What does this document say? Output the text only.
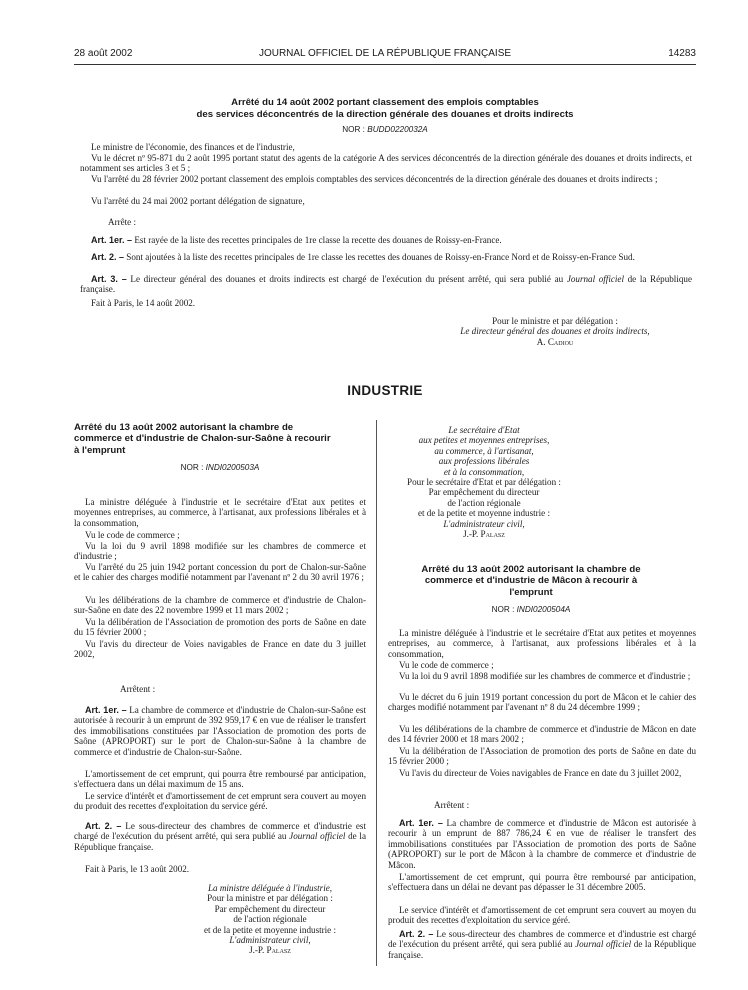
28 août 2002	JOURNAL OFFICIEL DE LA RÉPUBLIQUE FRANÇAISE	14283
Arrêté du 14 août 2002 portant classement des emplois comptables
des services déconcentrés de la direction générale des douanes et droits indirects
NOR : BUDD0220032A

Le ministre de l'économie, des finances et de l'industrie,

Vu le décret nº 95-871 du 2 août 1995 portant statut des agents de la catégorie A des services déconcentrés de la direction générale des douanes et droits indirects, et notamment ses articles 3 et 5 ;

Vu l'arrêté du 28 février 2002 portant classement des emplois comptables des services déconcentrés de la direction générale des douanes et droits indirects ;

Vu l'arrêté du 24 mai 2002 portant délégation de signature,

Arrête :

Art. 1er. – Est rayée de la liste des recettes principales de 1re classe la recette des douanes de Roissy-en-France.

Art. 2. – Sont ajoutées à la liste des recettes principales de 1re classe les recettes des douanes de Roissy-en-France Nord et de Roissy-en-France Sud.

Art. 3. – Le directeur général des douanes et droits indirects est chargé de l'exécution du présent arrêté, qui sera publié au Journal officiel de la République française.

Fait à Paris, le 14 août 2002.

Pour le ministre et par délégation :
Le directeur général des douanes et droits indirects,
A. Cadiou
INDUSTRIE
Arrêté du 13 août 2002 autorisant la chambre de
commerce et d'industrie de Chalon-sur-Saône à recourir
à l'emprunt
NOR : INDI0200503A

La ministre déléguée à l'industrie et le secrétaire d'Etat aux petites et moyennes entreprises, au commerce, à l'artisanat, aux professions libérales et à la consommation,

Vu le code de commerce ;

Vu la loi du 9 avril 1898 modifiée sur les chambres de commerce et d'industrie ;

Vu l'arrêté du 25 juin 1942 portant concession du port de Chalon-sur-Saône et le cahier des charges modifié notamment par l'avenant nº 2 du 30 avril 1976 ;

Vu les délibérations de la chambre de commerce et d'industrie de Chalon-sur-Saône en date des 22 novembre 1999 et 11 mars 2002 ;

Vu la délibération de l'Association de promotion des ports de Saône en date du 15 février 2000 ;

Vu l'avis du directeur de Voies navigables de France en date du 3 juillet 2002,

Arrêtent :

Art. 1er. – La chambre de commerce et d'industrie de Chalon-sur-Saône est autorisée à recourir à un emprunt de 392 959,17 € en vue de réaliser le transfert des immobilisations constituées par l'Association de promotion des ports de Saône (APROPORT) sur le port de Chalon-sur-Saône à la chambre de commerce et d'industrie de Chalon-sur-Saône.

L'amortissement de cet emprunt, qui pourra être remboursé par anticipation, s'effectuera dans un délai maximum de 15 ans.

Le service d'intérêt et d'amortissement de cet emprunt sera couvert au moyen du produit des recettes d'exploitation du service géré.

Art. 2. – Le sous-directeur des chambres de commerce et d'industrie est chargé de l'exécution du présent arrêté, qui sera publié au Journal officiel de la République française.

Fait à Paris, le 13 août 2002.

La ministre déléguée à l'industrie,
Pour la ministre et par délégation :
Par empêchement du directeur
de l'action régionale
et de la petite et moyenne industrie :
L'administrateur civil,
J.-P. Palasz
Le secrétaire d'Etat
aux petites et moyennes entreprises,
au commerce, à l'artisanat,
aux professions libérales
et à la consommation,
Pour le secrétaire d'Etat et par délégation :
Par empêchement du directeur
de l'action régionale
et de la petite et moyenne industrie :
L'administrateur civil,
J.-P. Palasz
Arrêté du 13 août 2002 autorisant la chambre de
commerce et d'industrie de Mâcon à recourir à
l'emprunt
NOR : INDI0200504A

La ministre déléguée à l'industrie et le secrétaire d'Etat aux petites et moyennes entreprises, au commerce, à l'artisanat, aux professions libérales et à la consommation,

Vu le code de commerce ;

Vu la loi du 9 avril 1898 modifiée sur les chambres de commerce et d'industrie ;

Vu le décret du 6 juin 1919 portant concession du port de Mâcon et le cahier des charges modifié notamment par l'avenant nº 8 du 24 décembre 1999 ;

Vu les délibérations de la chambre de commerce et d'industrie de Mâcon en date des 14 février 2000 et 18 mars 2002 ;

Vu la délibération de l'Association de promotion des ports de Saône en date du 15 février 2000 ;

Vu l'avis du directeur de Voies navigables de France en date du 3 juillet 2002,

Arrêtent :

Art. 1er. – La chambre de commerce et d'industrie de Mâcon est autorisée à recourir à un emprunt de 887 786,24 € en vue de réaliser le transfert des immobilisations constituées par l'Association de promotion des ports de Saône (APROPORT) sur le port de Mâcon à la chambre de commerce et d'industrie de Mâcon.

L'amortissement de cet emprunt, qui pourra être remboursé par anticipation, s'effectuera dans un délai ne devant pas dépasser le 31 décembre 2005.

Le service d'intérêt et d'amortissement de cet emprunt sera couvert au moyen du produit des recettes d'exploitation du service géré.

Art. 2. – Le sous-directeur des chambres de commerce et d'industrie est chargé de l'exécution du présent arrêté, qui sera publié au Journal officiel de la République française.
